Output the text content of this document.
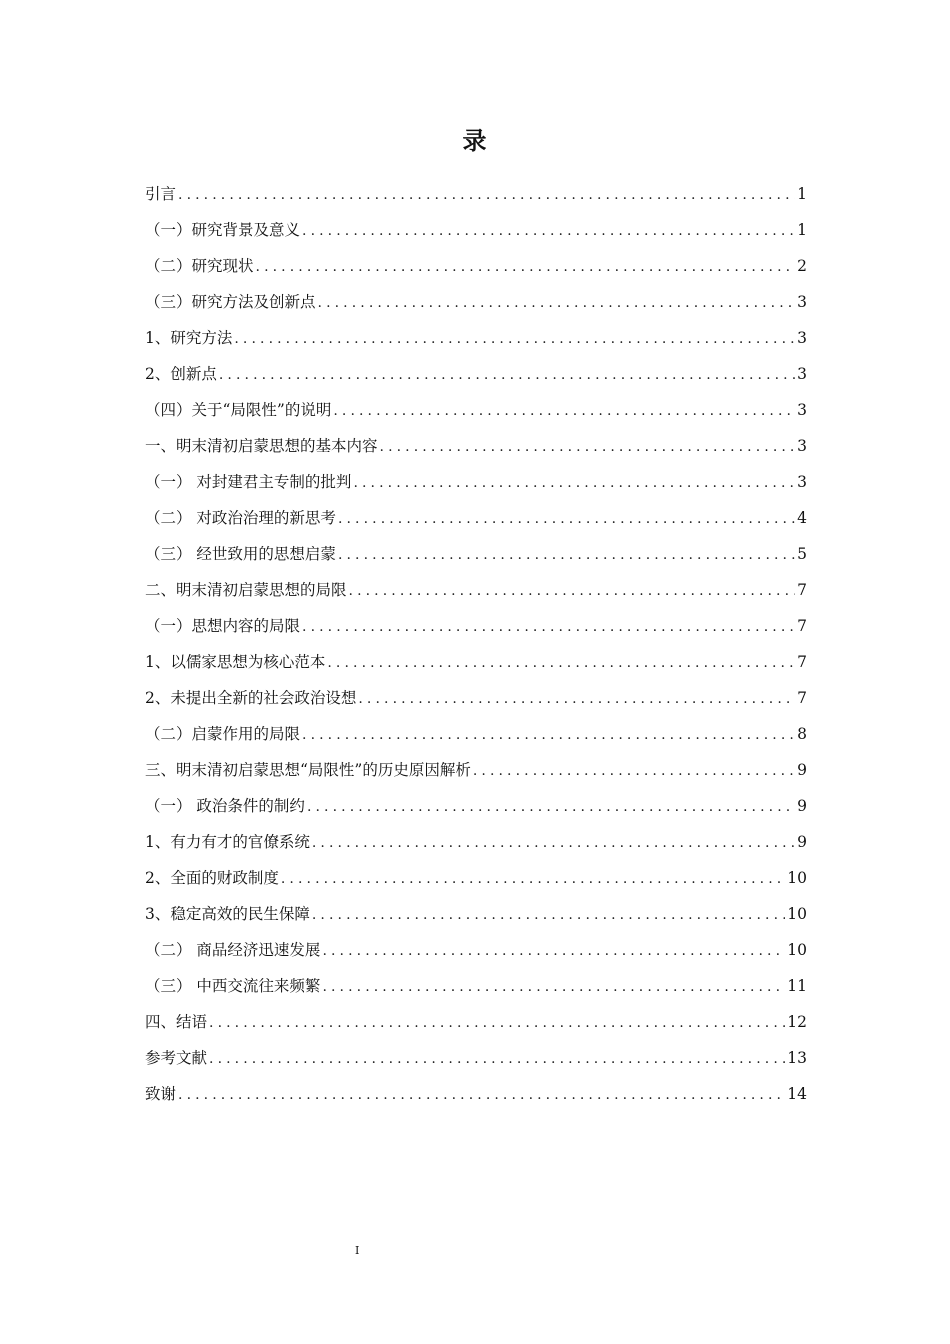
录
引言 .....	1
（一）研究背景及意义 .....	1
（二）研究现状 .....	2
（三）研究方法及创新点 .....	3
1、研究方法 .....	3
2、创新点 .....	3
（四）关于“局限性”的说明 .....	3
一、明末清初启蒙思想的基本内容 .....	3
（一） 对封建君主专制的批判 .....	3
（二） 对政治治理的新思考 .....	4
（三） 经世致用的思想启蒙 .....	5
二、明末清初启蒙思想的局限 .....	7
（一）思想内容的局限 .....	7
1、以儒家思想为核心范本 .....	7
2、未提出全新的社会政治设想 .....	7
（二）启蒙作用的局限 .....	8
三、明末清初启蒙思想“局限性”的历史原因解析 .....	9
（一） 政治条件的制约 .....	9
1、有力有才的官僚系统 .....	9
2、全面的财政制度 .....	10
3、稳定高效的民生保障 .....	10
（二） 商品经济迅速发展 .....	10
（三） 中西交流往来频繁 .....	11
四、结语 .....	12
参考文献 .....	13
致谢 .....	14
I
